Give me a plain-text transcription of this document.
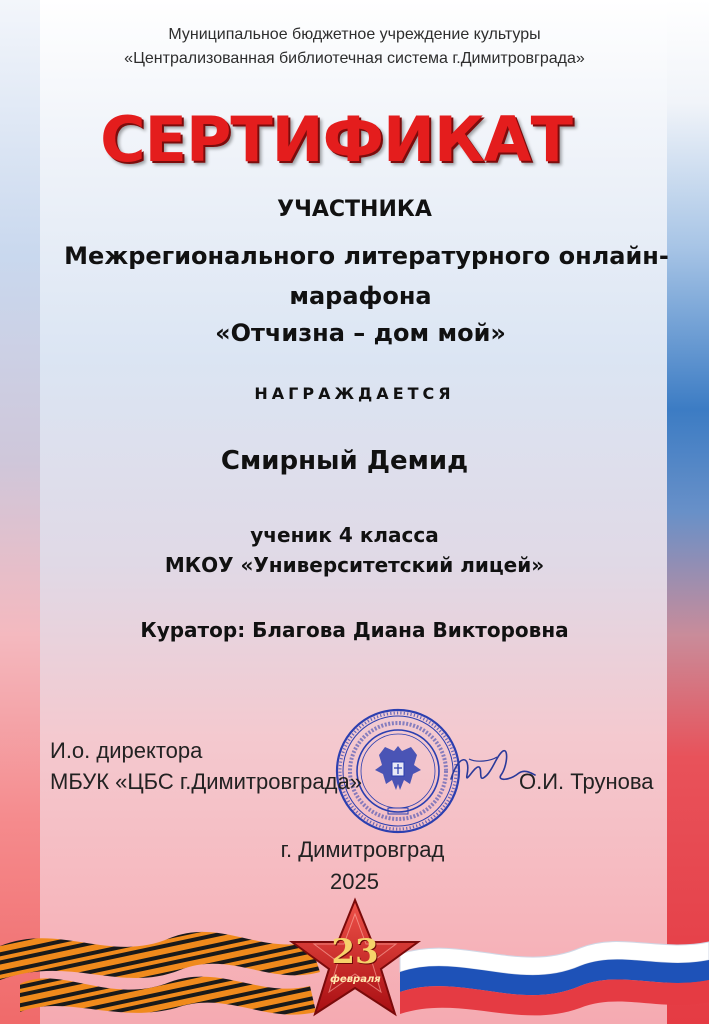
Муниципальное бюджетное учреждение культуры
«Централизованная библиотечная система г.Димитровграда»
СЕРТИФИКАТ
УЧАСТНИКА
Межрегионального литературного онлайн-
марафона
«Отчизна – дом мой»
НАГРАЖДАЕТСЯ
Смирный Демид
ученик 4 класса
МКОУ «Университетский лицей»
Куратор: Благова Диана Викторовна
И.о. директора
МБУК «ЦБС г.Димитровграда»	О.И. Трунова
г. Димитровград
2025
23
февраля
